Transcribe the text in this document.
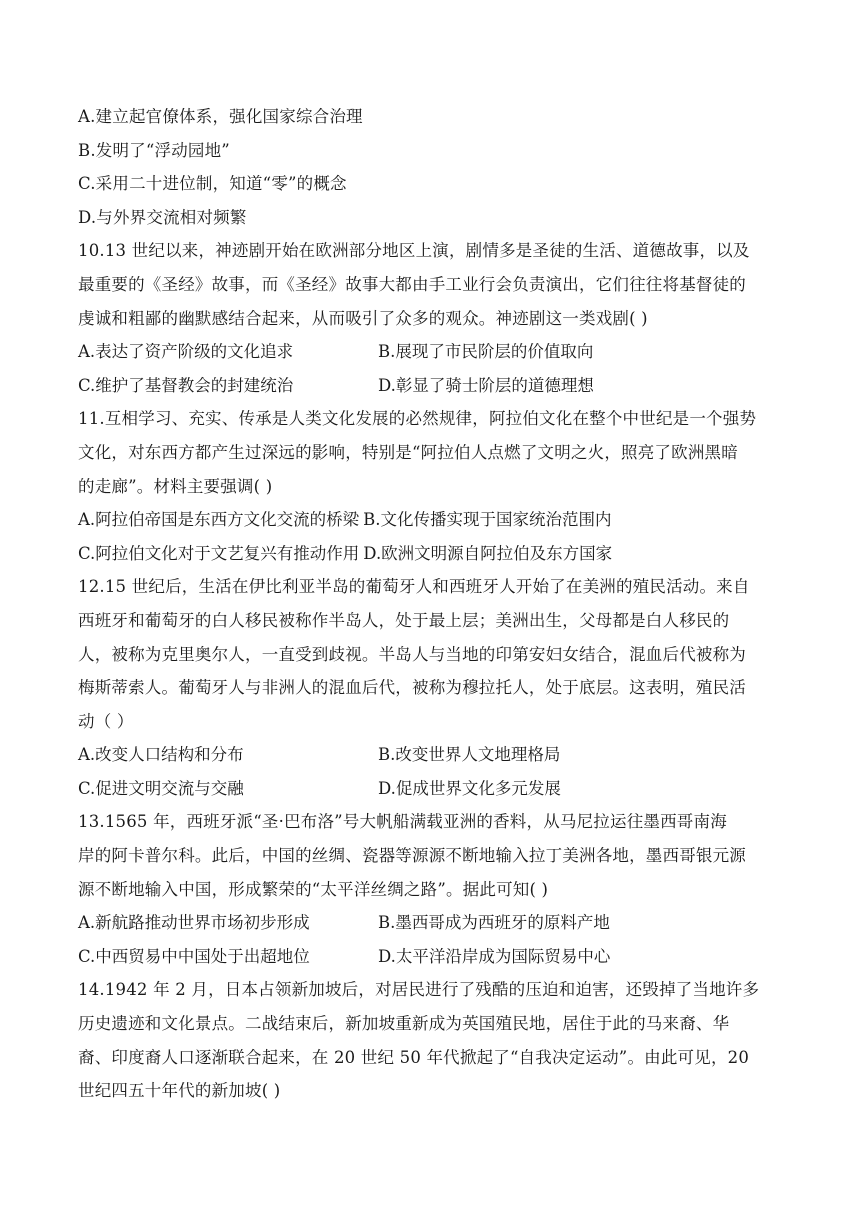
A.建立起官僚体系，强化国家综合治理
B.发明了“浮动园地”
C.采用二十进位制，知道“零”的概念
D.与外界交流相对频繁
10.13 世纪以来，神迹剧开始在欧洲部分地区上演，剧情多是圣徒的生活、道德故事，以及
最重要的《圣经》故事，而《圣经》故事大都由手工业行会负责演出，它们往往将基督徒的
虔诚和粗鄙的幽默感结合起来，从而吸引了众多的观众。神迹剧这一类戏剧( )
A.表达了资产阶级的文化追求	B.展现了市民阶层的价值取向
C.维护了基督教会的封建统治	D.彰显了骑士阶层的道德理想
11.互相学习、充实、传承是人类文化发展的必然规律，阿拉伯文化在整个中世纪是一个强势
文化，对东西方都产生过深远的影响，特别是“阿拉伯人点燃了文明之火，照亮了欧洲黑暗
的走廊”。材料主要强调( )
A.阿拉伯帝国是东西方文化交流的桥梁 B.文化传播实现于国家统治范围内
C.阿拉伯文化对于文艺复兴有推动作用 D.欧洲文明源自阿拉伯及东方国家
12.15 世纪后，生活在伊比利亚半岛的葡萄牙人和西班牙人开始了在美洲的殖民活动。来自
西班牙和葡萄牙的白人移民被称作半岛人，处于最上层；美洲出生，父母都是白人移民的
人，被称为克里奥尔人，一直受到歧视。半岛人与当地的印第安妇女结合，混血后代被称为
梅斯蒂索人。葡萄牙人与非洲人的混血后代，被称为穆拉托人，处于底层。这表明，殖民活
动（ ）
A.改变人口结构和分布	B.改变世界人文地理格局
C.促进文明交流与交融	D.促成世界文化多元发展
13.1565 年，西班牙派“圣·巴布洛”号大帆船满载亚洲的香料，从马尼拉运往墨西哥南海
岸的阿卡普尔科。此后，中国的丝绸、瓷器等源源不断地输入拉丁美洲各地，墨西哥银元源
源不断地输入中国，形成繁荣的“太平洋丝绸之路”。据此可知( )
A.新航路推动世界市场初步形成	B.墨西哥成为西班牙的原料产地
C.中西贸易中中国处于出超地位	D.太平洋沿岸成为国际贸易中心
14.1942 年 2 月，日本占领新加坡后，对居民进行了残酷的压迫和迫害，还毁掉了当地许多
历史遗迹和文化景点。二战结束后，新加坡重新成为英国殖民地，居住于此的马来裔、华
裔、印度裔人口逐渐联合起来，在 20 世纪 50 年代掀起了“自我决定运动”。由此可见，20
世纪四五十年代的新加坡( )
